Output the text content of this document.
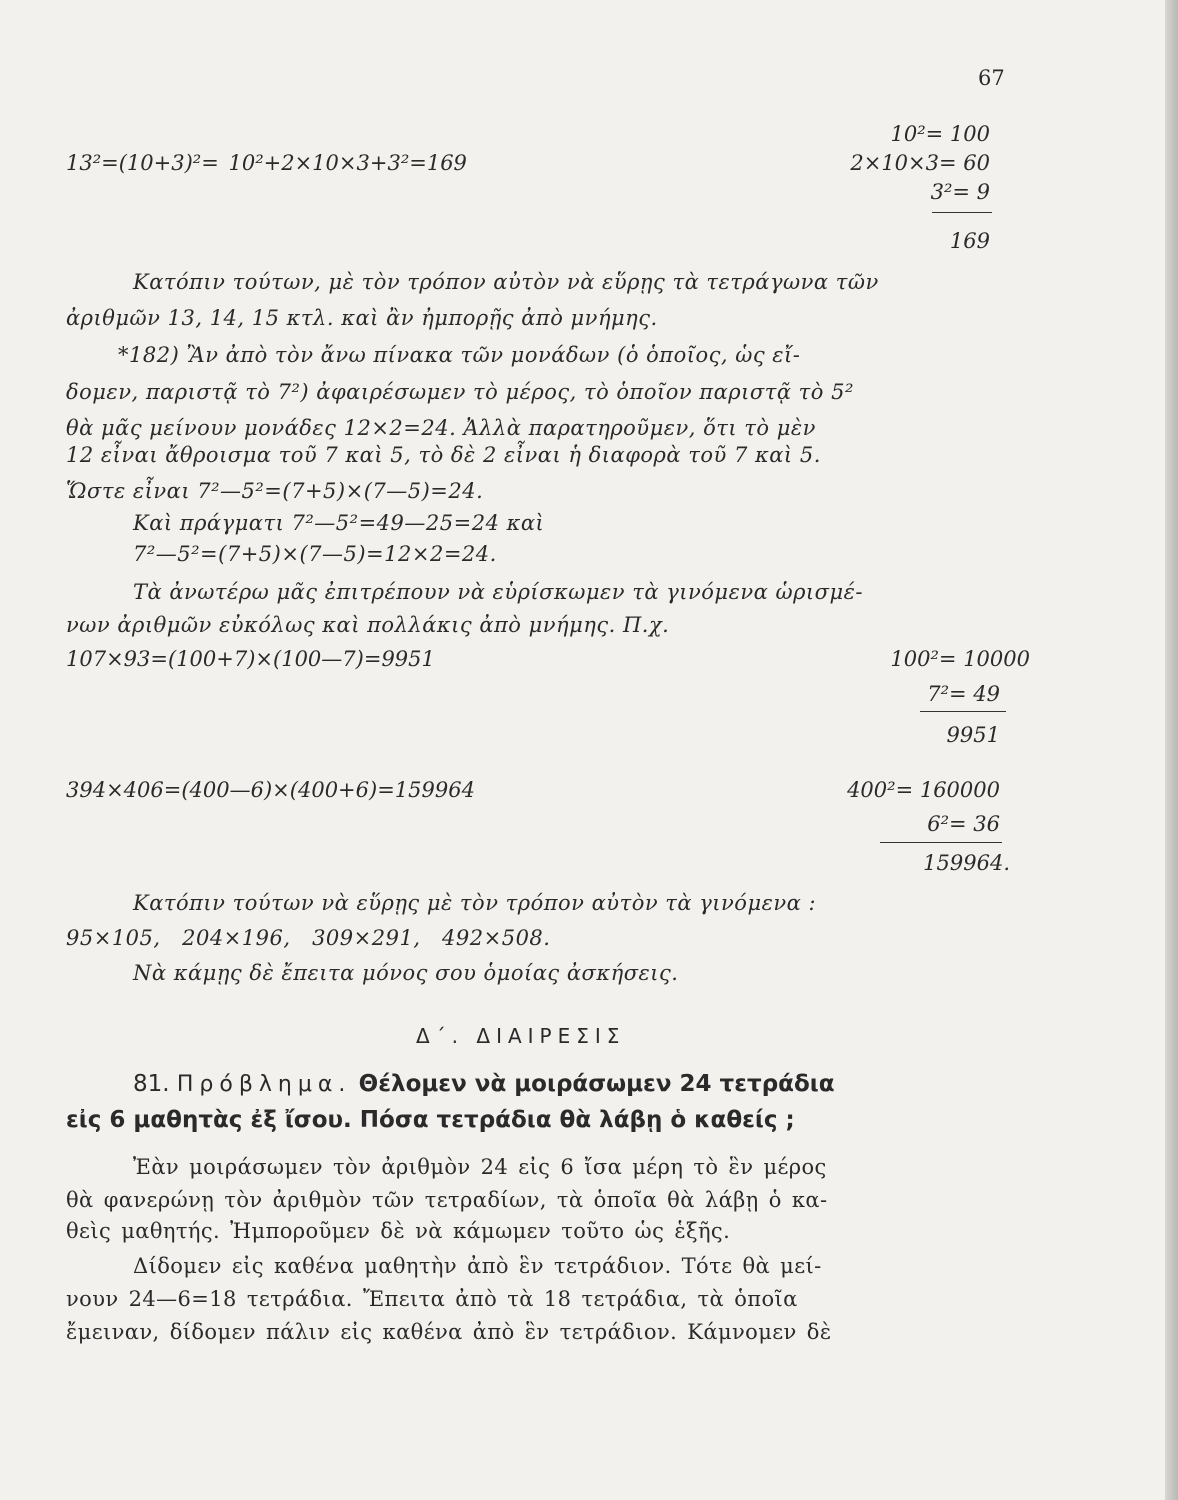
67
13²=(10+3)²= 10²+2×10×3+3²=169
10²= 100
2×10×3= 60
3²= 9
169
Κατόπιν τούτων, μὲ τὸν τρόπον αὐτὸν νὰ εὕρῃς τὰ τετράγωνα τῶν
ἀριθμῶν 13, 14, 15 κτλ. καὶ ἂν ἠμπορῇς ἀπὸ μνήμης.
*182) Ἂν ἀπὸ τὸν ἄνω πίνακα τῶν μονάδων (ὁ ὁποῖος, ὡς εἴ-
δομεν, παριστᾷ τὸ 7²) ἀφαιρέσωμεν τὸ μέρος, τὸ ὁποῖον παριστᾷ τὸ 5²
θὰ μᾶς μείνουν μονάδες 12×2=24. Ἀλλὰ παρατηροῦμεν, ὅτι τὸ μὲν
12 εἶναι ἄθροισμα τοῦ 7 καὶ 5, τὸ δὲ 2 εἶναι ἡ διαφορὰ τοῦ 7 καὶ 5.
Ὥστε εἶναι 7²—5²=(7+5)×(7—5)=24.
Καὶ πράγματι 7²—5²=49—25=24 καὶ
7²—5²=(7+5)×(7—5)=12×2=24.
Τὰ ἀνωτέρω μᾶς ἐπιτρέπουν νὰ εὑρίσκωμεν τὰ γινόμενα ὡρισμέ-
νων ἀριθμῶν εὐκόλως καὶ πολλάκις ἀπὸ μνήμης. Π.χ.
107×93=(100+7)×(100—7)=9951	100²= 10000
7²= 49
9951
394×406=(400—6)×(400+6)=159964	400²= 160000
6²= 36
159964.
Κατόπιν τούτων νὰ εὕρῃς μὲ τὸν τρόπον αὐτὸν τὰ γινόμενα :
95×105,   204×196,   309×291,   492×508.
Νὰ κάμῃς δὲ ἔπειτα μόνος σου ὁμοίας ἀσκήσεις.
Δ΄. ΔΙΑΙΡΕΣΙΣ
81. Πρόβλημα. Θέλομεν νὰ μοιράσωμεν 24 τετράδια
εἰς 6 μαθητὰς ἐξ ἴσου. Πόσα τετράδια θὰ λάβῃ ὁ καθείς ;
Ἐὰν μοιράσωμεν τὸν ἀριθμὸν 24 εἰς 6 ἴσα μέρη τὸ ἓν μέρος
θὰ φανερώνῃ τὸν ἀριθμὸν τῶν τετραδίων, τὰ ὁποῖα θὰ λάβῃ ὁ κα-
θεὶς μαθητής. Ἠμποροῦμεν δὲ νὰ κάμωμεν τοῦτο ὡς ἑξῆς.
Δίδομεν εἰς καθένα μαθητὴν ἀπὸ ἓν τετράδιον. Τότε θὰ μεί-
νουν 24—6=18 τετράδια. Ἔπειτα ἀπὸ τὰ 18 τετράδια, τὰ ὁποῖα
ἔμειναν, δίδομεν πάλιν εἰς καθένα ἀπὸ ἓν τετράδιον. Κάμνομεν δὲ
